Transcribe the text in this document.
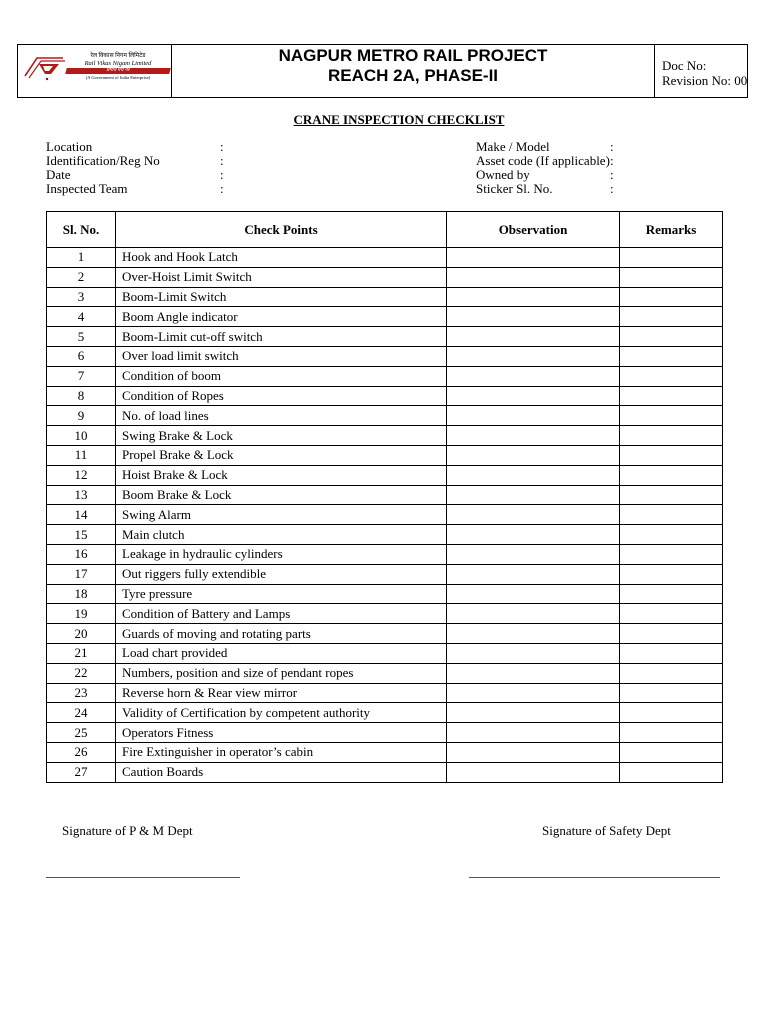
रेल विकास निगम लिमिटेड
Rail Vikas Nigam Limited
प्रगति पथ पर
(A Government of India Enterprise)
NAGPUR METRO RAIL PROJECT
REACH 2A, PHASE-II
Doc No:
Revision No: 00
CRANE INSPECTION CHECKLIST
Location	:
Identification/Reg No	:
Date	:
Inspected Team	:
Make / Model	:
Asset code (If applicable) :
Owned by	:
Sticker Sl. No.	:
Sl. No.	Check Points	Observation	Remarks
1	Hook and Hook Latch		
2	Over-Hoist Limit Switch		
3	Boom-Limit Switch		
4	Boom Angle indicator		
5	Boom-Limit cut-off switch		
6	Over load limit switch		
7	Condition of boom		
8	Condition of Ropes		
9	No. of load lines		
10	Swing Brake & Lock		
11	Propel Brake & Lock		
12	Hoist Brake & Lock		
13	Boom Brake & Lock		
14	Swing Alarm		
15	Main clutch		
16	Leakage in hydraulic cylinders		
17	Out riggers fully extendible		
18	Tyre pressure		
19	Condition of Battery and Lamps		
20	Guards of moving and rotating parts		
21	Load chart provided		
22	Numbers, position and size of pendant ropes		
23	Reverse horn & Rear view mirror		
24	Validity of Certification by competent authority		
25	Operators Fitness		
26	Fire Extinguisher in operator’s cabin		
27	Caution Boards		
Signature of P & M Dept	Signature of Safety Dept
